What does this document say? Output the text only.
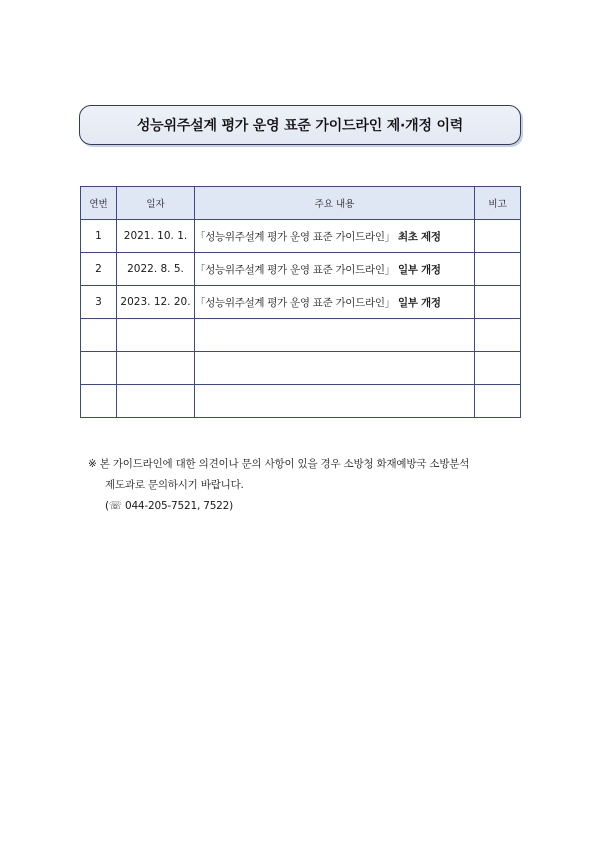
성능위주설계 평가 운영 표준 가이드라인 제·개정 이력
연번	일자	주요 내용	비고
1	2021. 10. 1.	「성능위주설계 평가 운영 표준 가이드라인」 최초 제정	
2	2022. 8. 5.	「성능위주설계 평가 운영 표준 가이드라인」 일부 개정	
3	2023. 12. 20.	「성능위주설계 평가 운영 표준 가이드라인」 일부 개정	

※ 본 가이드라인에 대한 의견이나 문의 사항이 있을 경우 소방청 화재예방국 소방분석
제도과로 문의하시기 바랍니다.
(☏ 044-205-7521, 7522)
